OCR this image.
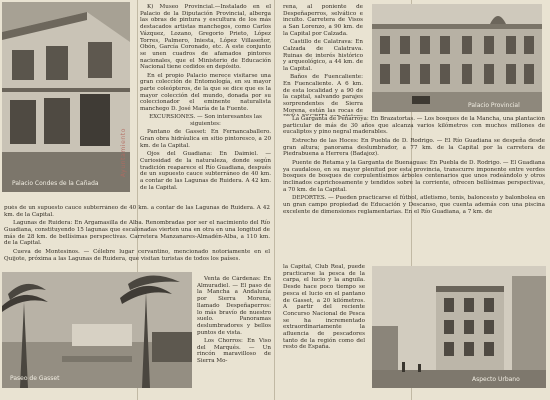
Palacio Condes de la Cañada
Ayuntamiento

K) Museo Provincial.—Instalado en el Palacio de la Diputación Provincial, alberga las obras de pintura y escultura de los más destacados artistas manchegos, como Carlos Vázquez, Lozano, Gregorio Prieto, López Torres, Palmero, Iniesta, López Villaseñor, Obón, García Coronado, etc. A este conjunto se unen cuadros de afamados pintores nacionales, que el Ministerio de Educación Nacional tiene cedidos en depósito.

En el propio Palacio merece visitarse una gran colección de Entomología, en su mayor parte coleópteros, de la que se dice que es la mayor colección del mundo, donada por su coleccionador el eminente naturalista manchego D. José María de la Fuente.

EXCURSIONES. — Son interesantes las siguientes:

Pantano de Gasset: En Fernancaballero. Gran obra hidráulica en sitio pintoresco, a 20 km. de la Capital.

Ojos del Guadiana: En Daimiel. — Curiosidad de la naturaleza, donde según tradición reaparece el Río Guadiana, después de un supuesto cauce subterráneo de 40 km. a contar de las Lagunas de Ruidera. A 42 km. de la Capital.

rena, al poniente de Despeñaperros, selvático e inculto. Carretera de Visos a San Lorenzo, a 90 km. de la Capital por Calzada.

Castillo de Calatrava: En Calzada de Calatrava. Ruinas de interés histórico y arqueológico, a 44 km. de la Capital.

Baños de Fuencaliente: En Fuencaliente. A 6 km. de esta localidad y a 90 de la capital, salvando parajes sorprendentes de Sierra Morena, están las rocas de

Palacio Provincial

La Garganta de Peñarroya: En Brazatortas. — Los bosques de la Mancha, una plantación particular de más de 30 años que alcanza varios kilómetros con muchos millones de eucaliptos y pino negral maderables.

Estrecho de las Hoces: En Puebla de D. Rodrigo. — El Río Guadiana se despeña desde gran altura; panorama deslumbrador, a 77 km. de la Capital por la carretera de Piedrabuena a Herrera (Badajoz).

Puente de Retama y la Garganta de Buenaguas: En Puebla de D. Rodrigo. — El Guadiana ya caudaloso, en su mayor plenitud por esta provincia, transcurre imponente entre verdes bosques de bosques de corpulentísimos árboles centenarios que unos rodeándolo y otros inclinados caprichosamente y tendidos sobre la corriente, ofrecen bellísimas perspectivas, a 70 km. de la Capital.

DEPORTES. — Pueden practicarse el fútbol, atletismo, tenis, baloncesto y balonbolea en un gran campo propiedad de Educación y Descanso, que cuenta además con una piscina excelente de dimensiones reglamentarias. En el Río Guadiana, a 7 km. de

pués de un supuesto cauce subterráneo de 40 km. a contar de las Lagunas de Ruidera. A 42 km. de la Capital.

Lagunas de Ruidera: En Argamasilla de Alba. Renombradas por ser el nacimiento del Río Guadiana, constituyendo 15 lagunas que escalonadas vierten una en otra en una longitud de más de 28 km. de bellísimas perspectivas. Carretera Manzanares-Almadén-Alba, a 110 km. de la Capital.

Cueva de Montesinos. — Célebre lugar cervantino, mencionado notoriamente en el Quijote, próxima a las Lagunas de Ruidera, que visitan turistas de todos los países.

Paseo de Gasset

Venta de Cárdenas: En Almuradiel. — El paso de la Mancha a Andalucía por Sierra Morena, llamado Despeñaperros: lo más bravío de nuestro suelo. Panoramas deslumbradores y bellos puntos de vista.

Los Chorros: En Viso del Marqués. — Un rincón maravilloso de Sierra Mo-

la Capital, Club Real, puede practicarse la pesca de la carpa, el lucio y la anguila. Desde hace poco tiempo se pesca el lucio en el pantano de Gasset, a 20 kilómetros. A partir del reciente Concurso Nacional de Pesca se ha incrementado extraordinariamente la afluencia de pescadores tanto de la región como del resto de España.

Aspecto Urbano
